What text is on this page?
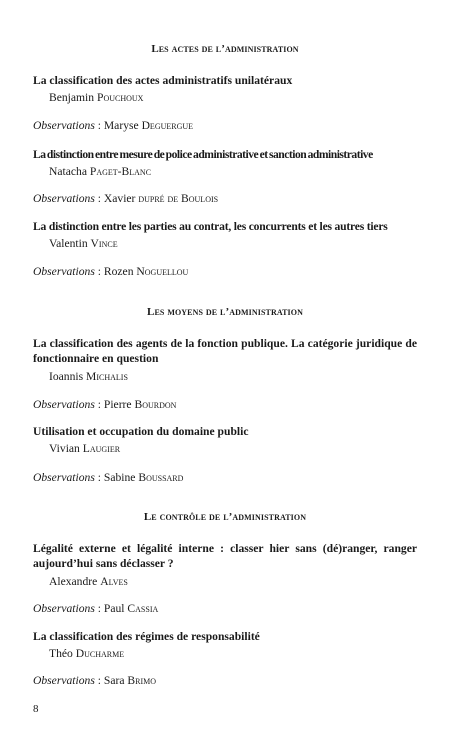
Les actes de l’administration
La classification des actes administratifs unilatéraux
Benjamin Pouchoux
Observations : Maryse Deguergue
La distinction entre mesure de police administrative et sanction administrative
Natacha Paget-Blanc
Observations : Xavier dupré de Boulois
La distinction entre les parties au contrat, les concurrents et les autres tiers
Valentin Vince
Observations : Rozen Noguellou
Les moyens de l’administration
La classification des agents de la fonction publique. La catégorie juridique de fonctionnaire en question
Ioannis Michalis
Observations : Pierre Bourdon
Utilisation et occupation du domaine public
Vivian Laugier
Observations : Sabine Boussard
Le contrôle de l’administration
Légalité externe et légalité interne : classer hier sans (dé)ranger, ranger aujourd’hui sans déclasser ?
Alexandre Alves
Observations : Paul Cassia
La classification des régimes de responsabilité
Théo Ducharme
Observations : Sara Brimo
8
